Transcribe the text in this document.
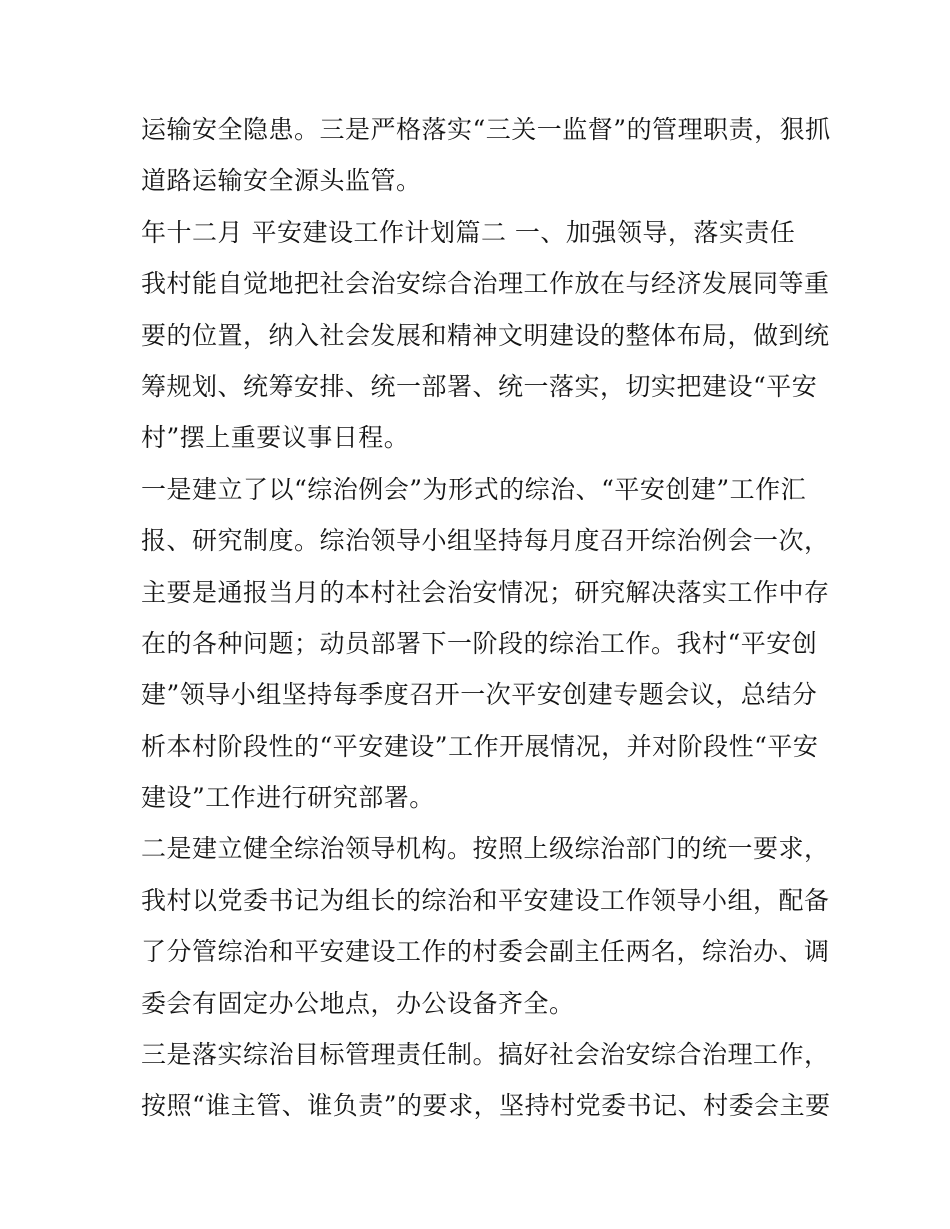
运输安全隐患。三是严格落实“三关一监督”的管理职责，狠抓
道路运输安全源头监管。
年十二月 平安建设工作计划篇二 一、加强领导，落实责任
我村能自觉地把社会治安综合治理工作放在与经济发展同等重
要的位置，纳入社会发展和精神文明建设的整体布局，做到统
筹规划、统筹安排、统一部署、统一落实，切实把建设“平安
村”摆上重要议事日程。
一是建立了以“综治例会”为形式的综治、“平安创建”工作汇
报、研究制度。综治领导小组坚持每月度召开综治例会一次，
主要是通报当月的本村社会治安情况；研究解决落实工作中存
在的各种问题；动员部署下一阶段的综治工作。我村“平安创
建”领导小组坚持每季度召开一次平安创建专题会议，总结分
析本村阶段性的“平安建设”工作开展情况，并对阶段性“平安
建设”工作进行研究部署。
二是建立健全综治领导机构。按照上级综治部门的统一要求，
我村以党委书记为组长的综治和平安建设工作领导小组，配备
了分管综治和平安建设工作的村委会副主任两名，综治办、调
委会有固定办公地点，办公设备齐全。
三是落实综治目标管理责任制。搞好社会治安综合治理工作，
按照“谁主管、谁负责”的要求，坚持村党委书记、村委会主要
